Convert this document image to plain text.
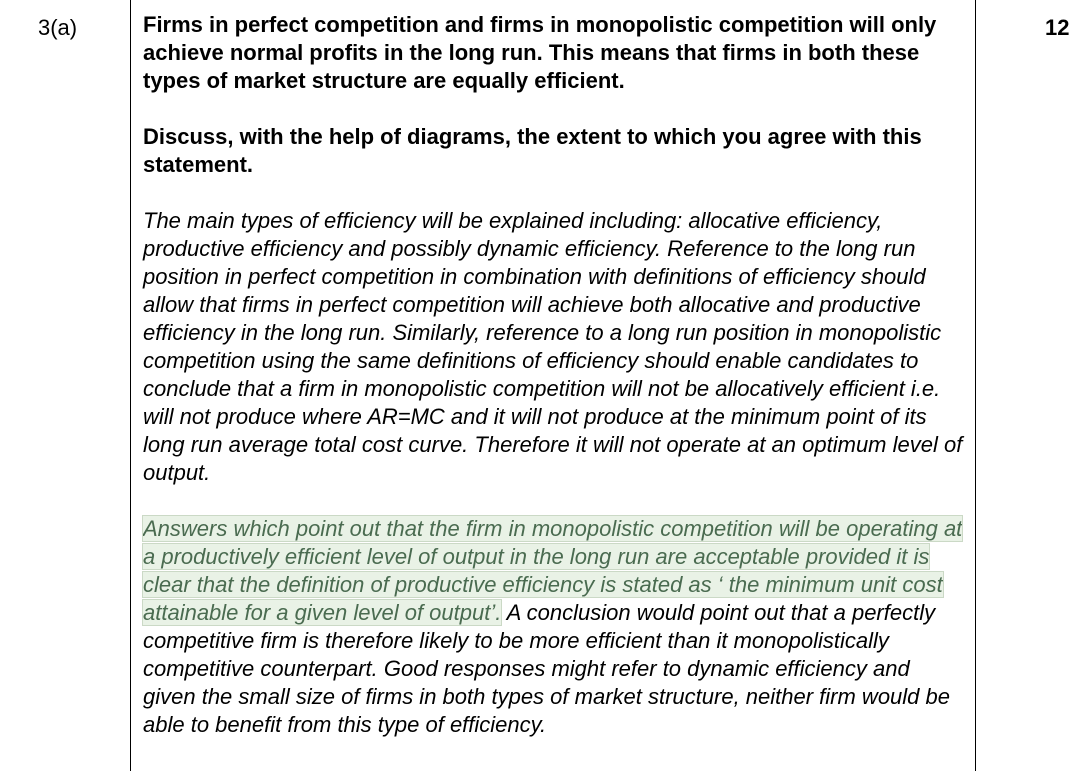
3(a)	12

Firms in perfect competition and firms in monopolistic competition will only achieve normal profits in the long run. This means that firms in both these types of market structure are equally efficient.

Discuss, with the help of diagrams, the extent to which you agree with this statement.

The main types of efficiency will be explained including: allocative efficiency, productive efficiency and possibly dynamic efficiency. Reference to the long run position in perfect competition in combination with definitions of efficiency should allow that firms in perfect competition will achieve both allocative and productive efficiency in the long run. Similarly, reference to a long run position in monopolistic competition using the same definitions of efficiency should enable candidates to conclude that a firm in monopolistic competition will not be allocatively efficient i.e. will not produce where AR=MC and it will not produce at the minimum point of its long run average total cost curve. Therefore it will not operate at an optimum level of output.

Answers which point out that the firm in monopolistic competition will be operating at a productively efficient level of output in the long run are acceptable provided it is clear that the definition of productive efficiency is stated as ‘ the minimum unit cost attainable for a given level of output’. A conclusion would point out that a perfectly competitive firm is therefore likely to be more efficient than it monopolistically competitive counterpart. Good responses might refer to dynamic efficiency and given the small size of firms in both types of market structure, neither firm would be able to benefit from this type of efficiency.
